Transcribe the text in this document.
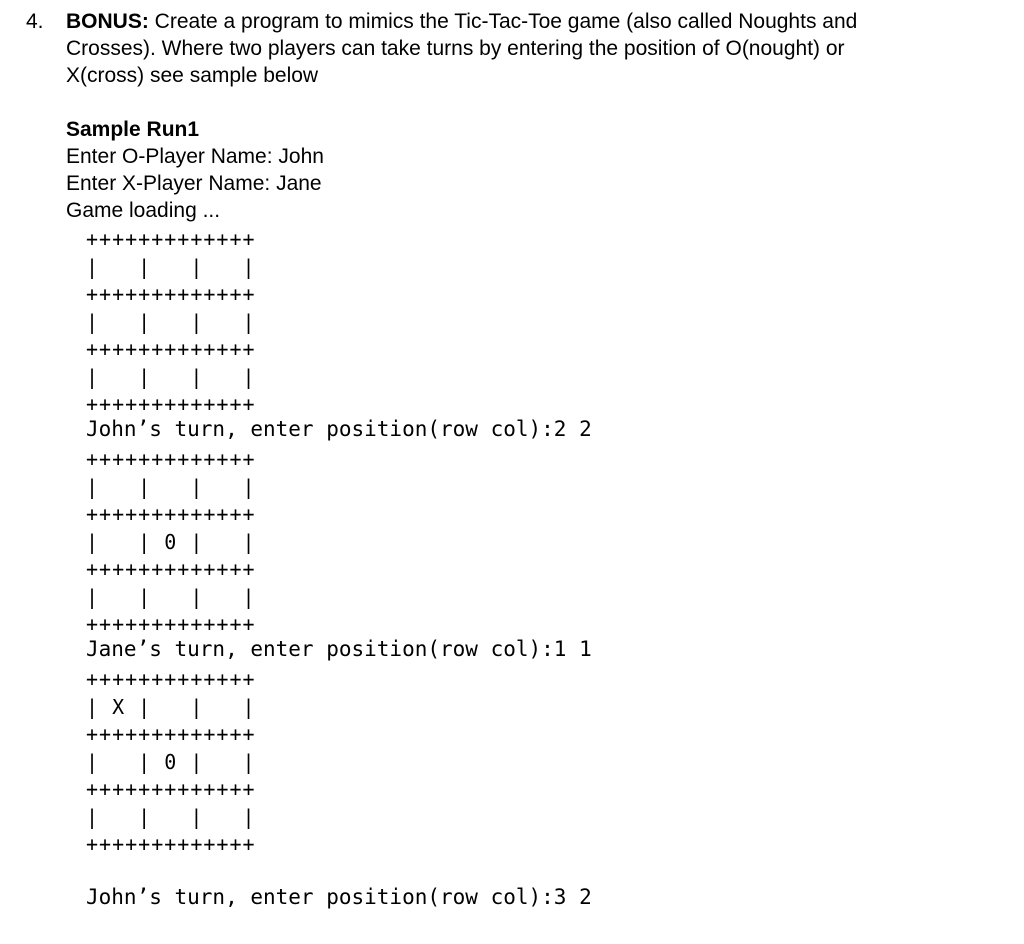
4. BONUS: Create a program to mimics the Tic-Tac-Toe game (also called Noughts and
Crosses). Where two players can take turns by entering the position of O(nought) or
X(cross) see sample below
Sample Run1
Enter O-Player Name: John
Enter X-Player Name: Jane
Game loading ...
+++++++++++++
|   |   |   |
+++++++++++++
|   |   |   |
+++++++++++++
|   |   |   |
+++++++++++++
John’s turn, enter position(row col):2 2
+++++++++++++
|   |   |   |
+++++++++++++
|   | 0 |   |
+++++++++++++
|   |   |   |
+++++++++++++
Jane’s turn, enter position(row col):1 1
+++++++++++++
| X |   |   |
+++++++++++++
|   | 0 |   |
+++++++++++++
|   |   |   |
+++++++++++++
John’s turn, enter position(row col):3 2
